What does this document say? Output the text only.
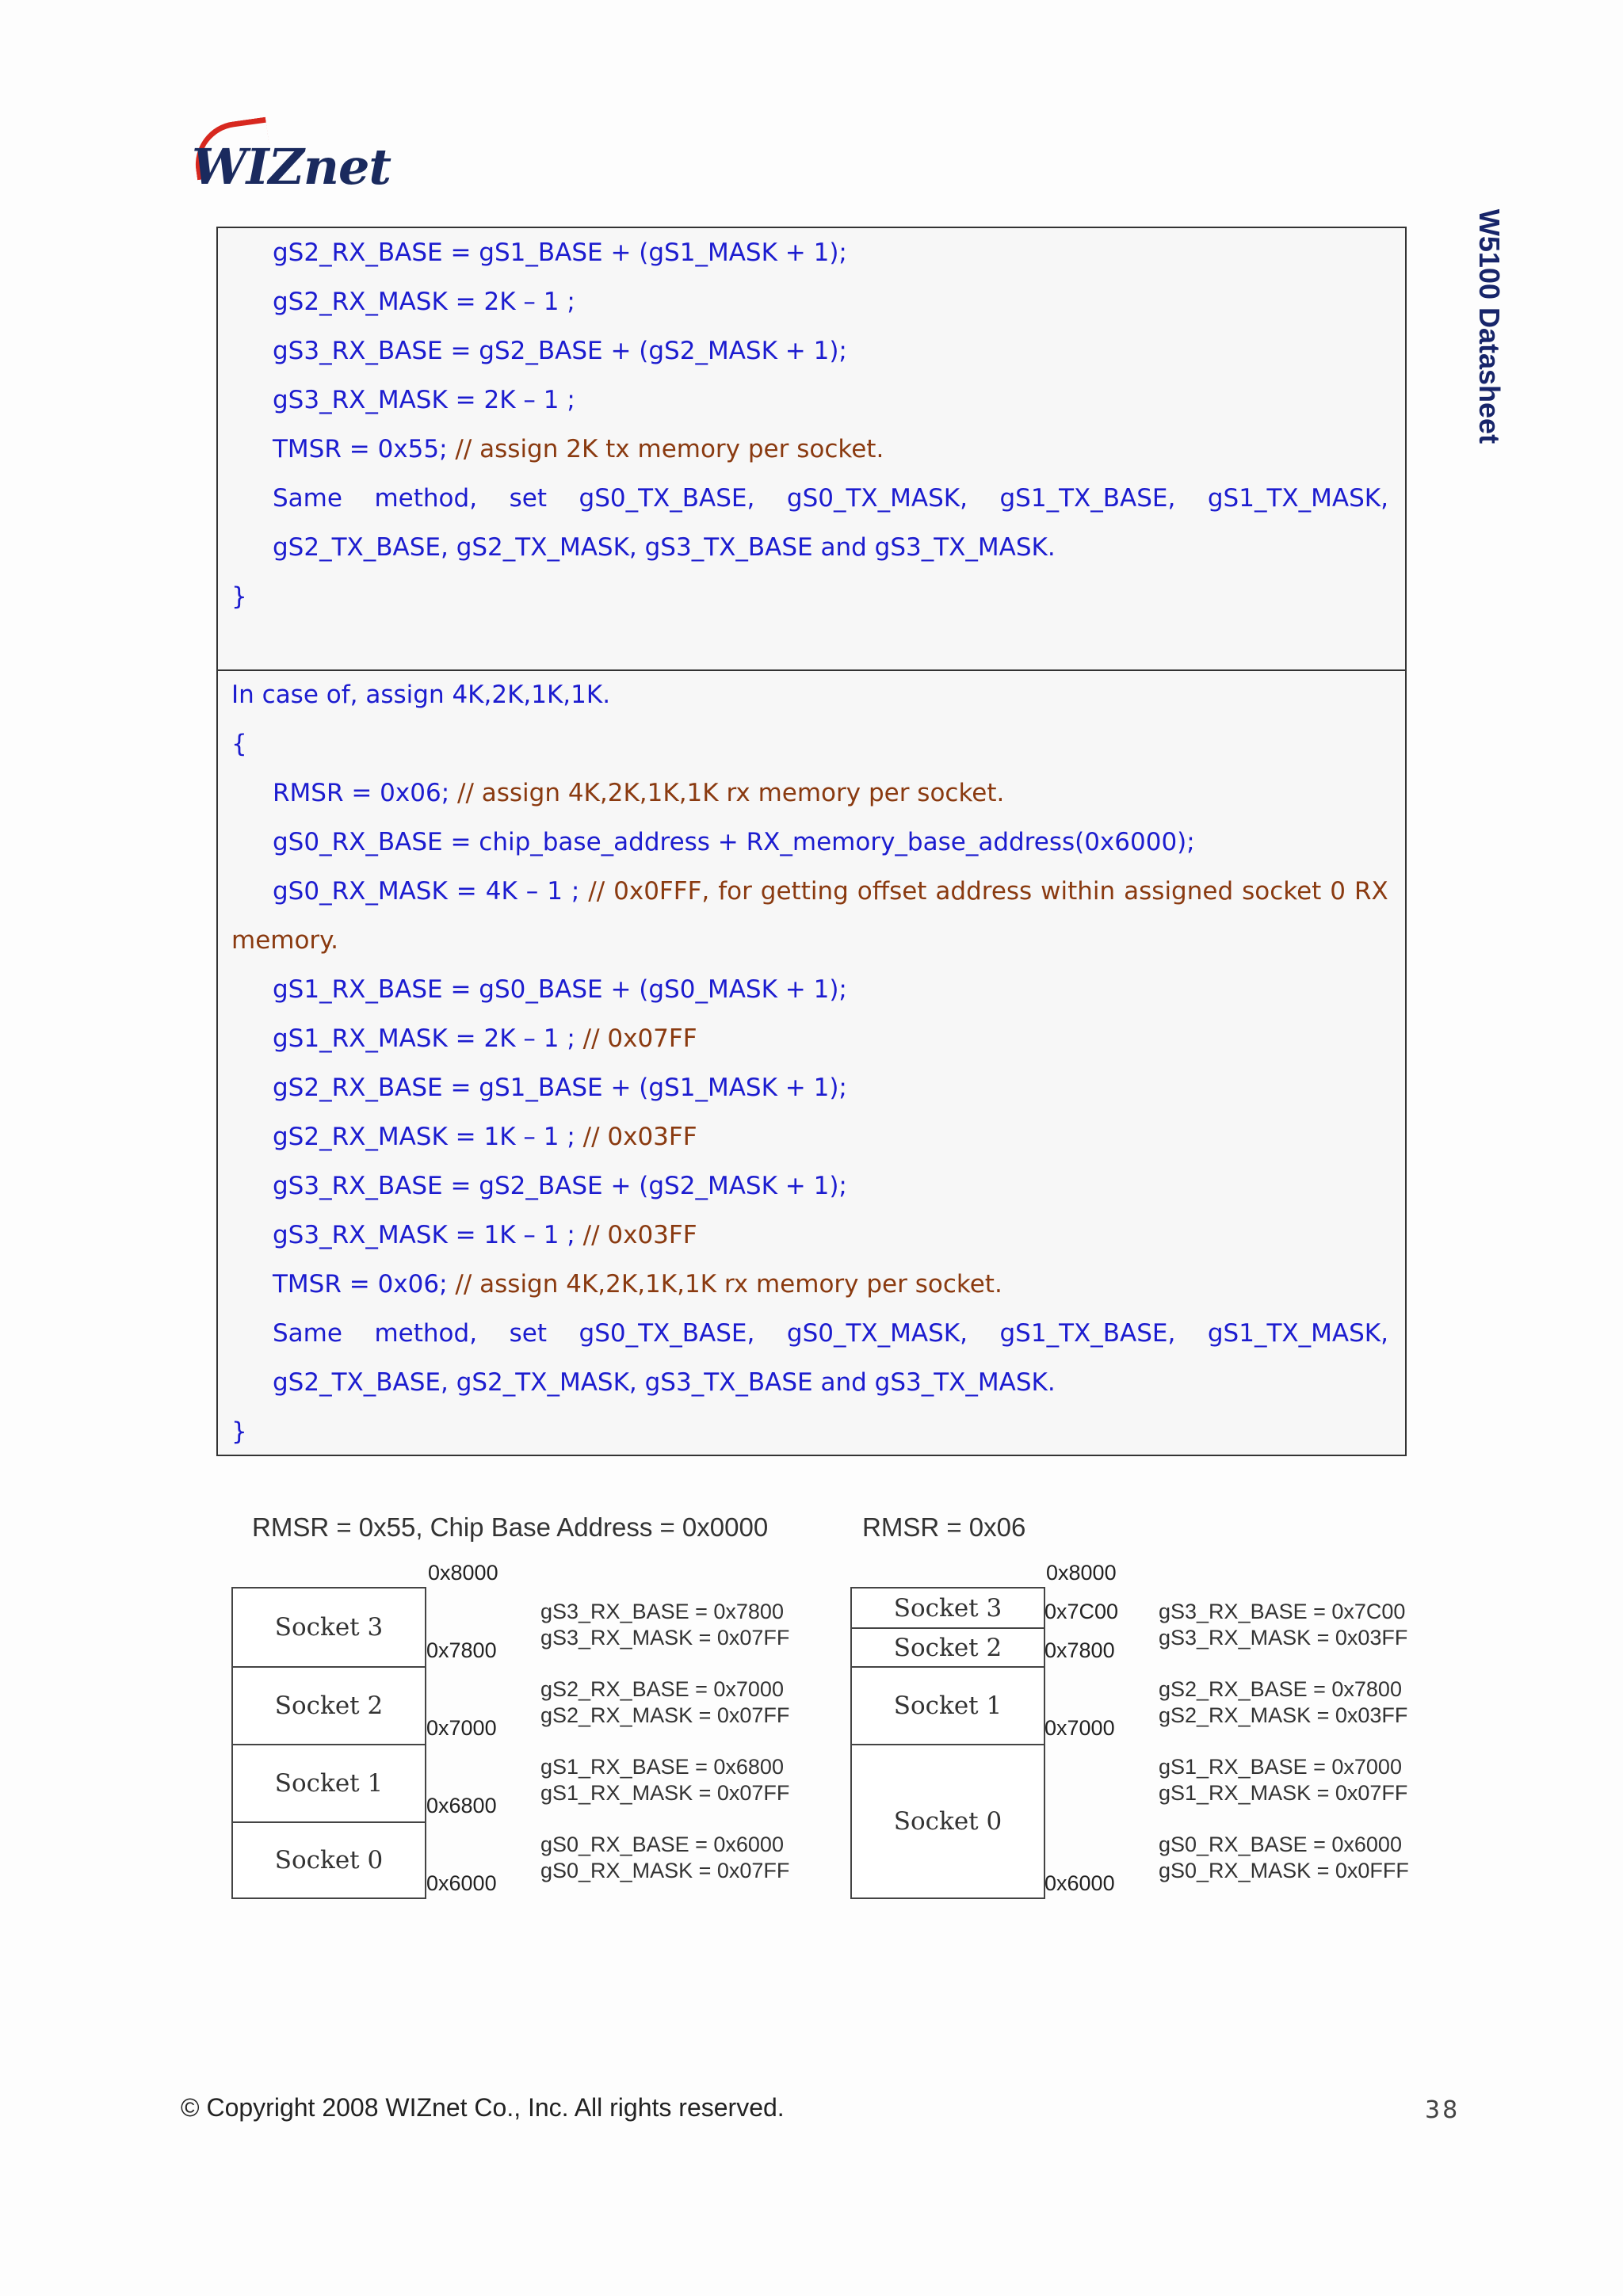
WIZnet
W5100 Datasheet
gS2_RX_BASE = gS1_BASE + (gS1_MASK + 1);
gS2_RX_MASK = 2K – 1 ;
gS3_RX_BASE = gS2_BASE + (gS2_MASK + 1);
gS3_RX_MASK = 2K – 1 ;
TMSR = 0x55; // assign 2K tx memory per socket.
Same method, set gS0_TX_BASE, gS0_TX_MASK, gS1_TX_BASE, gS1_TX_MASK,
gS2_TX_BASE, gS2_TX_MASK, gS3_TX_BASE and gS3_TX_MASK.
}
In case of, assign 4K,2K,1K,1K.
{
RMSR = 0x06; // assign 4K,2K,1K,1K rx memory per socket.
gS0_RX_BASE = chip_base_address + RX_memory_base_address(0x6000);
gS0_RX_MASK = 4K – 1 ; // 0x0FFF, for getting offset address within assigned socket 0 RX
memory.
gS1_RX_BASE = gS0_BASE + (gS0_MASK + 1);
gS1_RX_MASK = 2K – 1 ; // 0x07FF
gS2_RX_BASE = gS1_BASE + (gS1_MASK + 1);
gS2_RX_MASK = 1K – 1 ; // 0x03FF
gS3_RX_BASE = gS2_BASE + (gS2_MASK + 1);
gS3_RX_MASK = 1K – 1 ; // 0x03FF
TMSR = 0x06; // assign 4K,2K,1K,1K rx memory per socket.
Same method, set gS0_TX_BASE, gS0_TX_MASK, gS1_TX_BASE, gS1_TX_MASK,
gS2_TX_BASE, gS2_TX_MASK, gS3_TX_BASE and gS3_TX_MASK.
}
RMSR = 0x55, Chip Base Address = 0x0000
Socket 3
Socket 2
Socket 1
Socket 0
0x8000
0x7800
0x7000
0x6800
0x6000
gS3_RX_BASE = 0x7800
gS3_RX_MASK = 0x07FF
gS2_RX_BASE = 0x7000
gS2_RX_MASK = 0x07FF
gS1_RX_BASE = 0x6800
gS1_RX_MASK = 0x07FF
gS0_RX_BASE = 0x6000
gS0_RX_MASK = 0x07FF
RMSR = 0x06
Socket 3
Socket 2
Socket 1
Socket 0
0x8000
0x7C00
0x7800
0x7000
0x6000
gS3_RX_BASE = 0x7C00
gS3_RX_MASK = 0x03FF
gS2_RX_BASE = 0x7800
gS2_RX_MASK = 0x03FF
gS1_RX_BASE = 0x7000
gS1_RX_MASK = 0x07FF
gS0_RX_BASE = 0x6000
gS0_RX_MASK = 0x0FFF
© Copyright 2008 WIZnet Co., Inc. All rights reserved.	38
